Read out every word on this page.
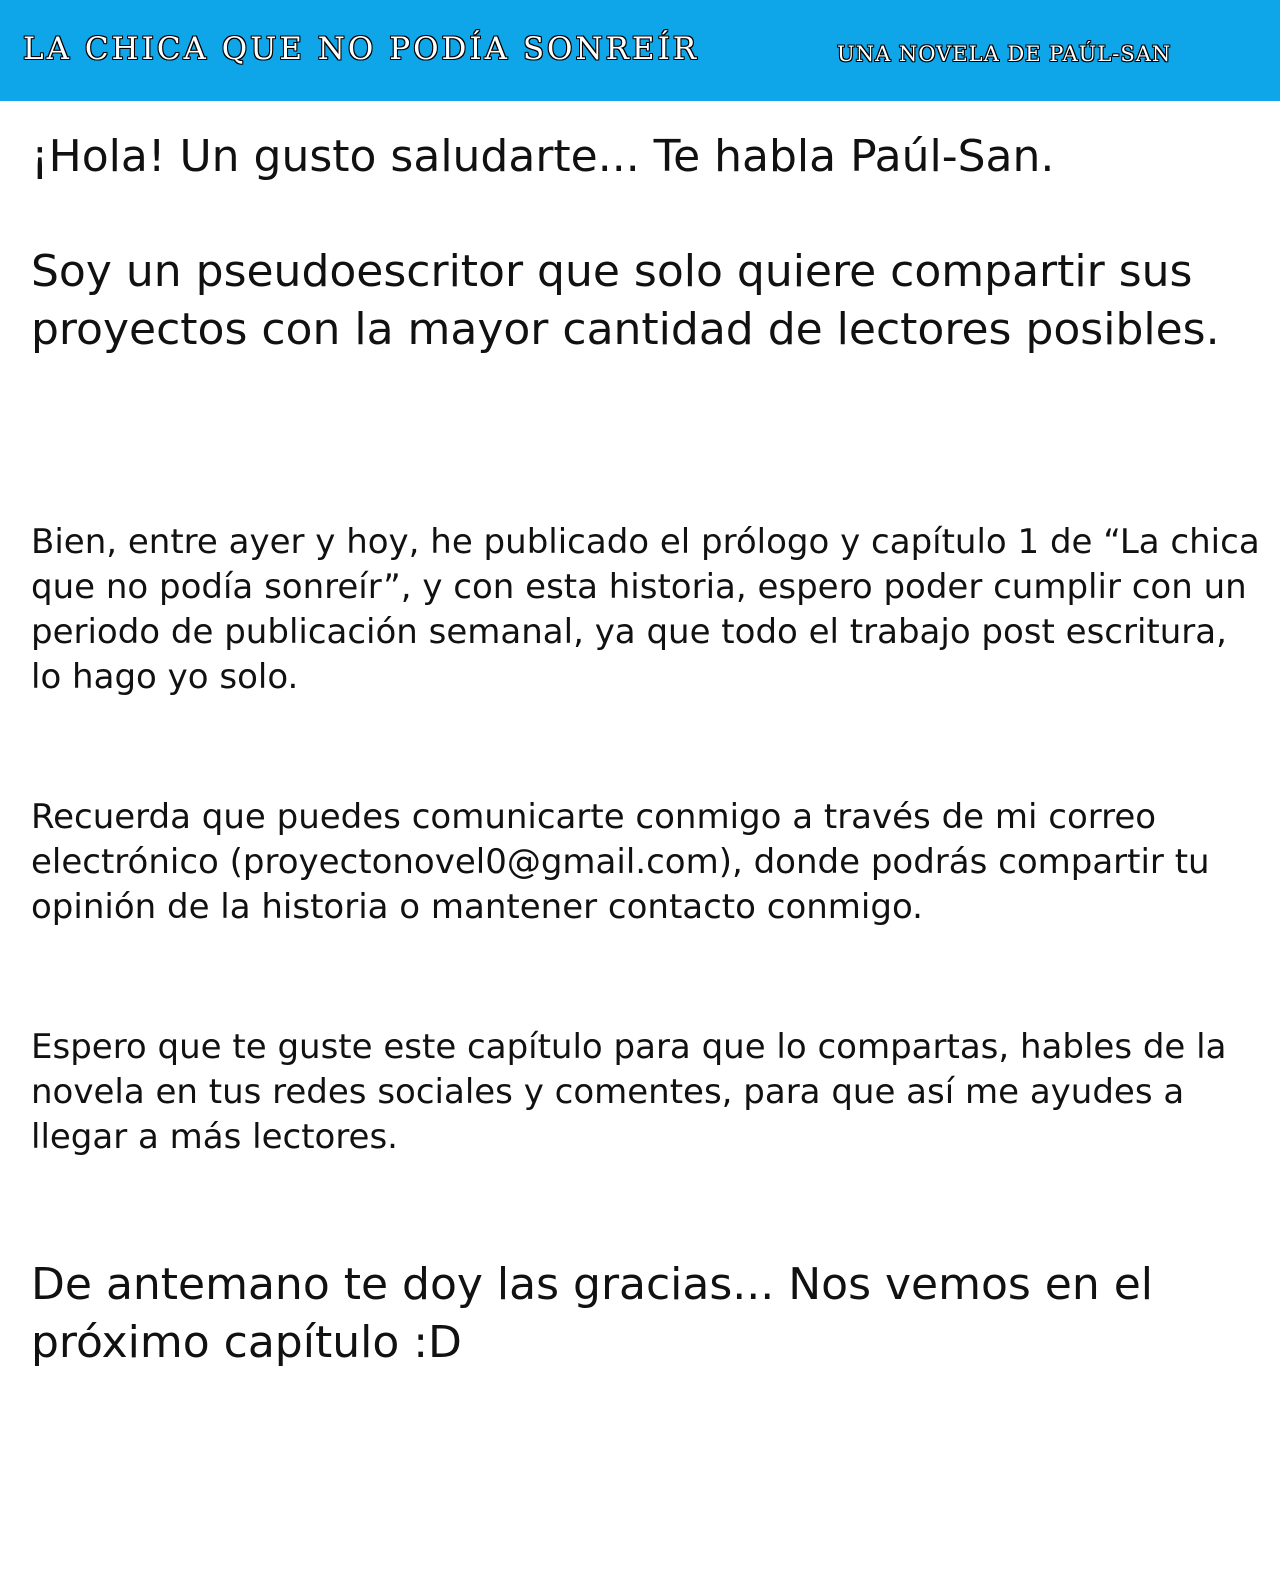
LA CHICA QUE NO PODÍA SONREÍR	UNA NOVELA DE PAÚL-SAN

¡Hola! Un gusto saludarte... Te habla Paúl-San.

Soy un pseudoescritor que solo quiere compartir sus proyectos con la mayor cantidad de lectores posibles.

Bien, entre ayer y hoy, he publicado el prólogo y capítulo 1 de “La chica que no podía sonreír”, y con esta historia, espero poder cumplir con un periodo de publicación semanal, ya que todo el trabajo post escritura, lo hago yo solo.

Recuerda que puedes comunicarte conmigo a través de mi correo electrónico (proyectonovel0@gmail.com), donde podrás compartir tu opinión de la historia o mantener contacto conmigo.

Espero que te guste este capítulo para que lo compartas, hables de la novela en tus redes sociales y comentes, para que así me ayudes a llegar a más lectores.

De antemano te doy las gracias... Nos vemos en el próximo capítulo :D
